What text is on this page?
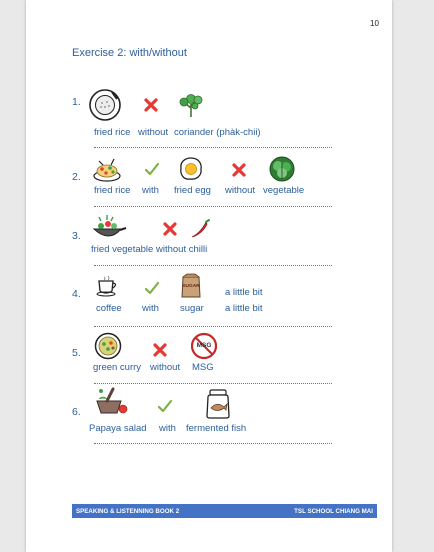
10
Exercise 2: with/without
1.
fried rice without coriander (phàk-chii)
2.
fried rice with fried egg without vegetable
3.
fried vegetable without chilli
4.
SUGAR
a little bit
coffee with sugar a little bit
5.
MSG
green curry without MSG
6.
Papaya salad with fermented fish
SPEAKING & LISTENNING BOOK 2	TSL SCHOOL CHIANG MAI
